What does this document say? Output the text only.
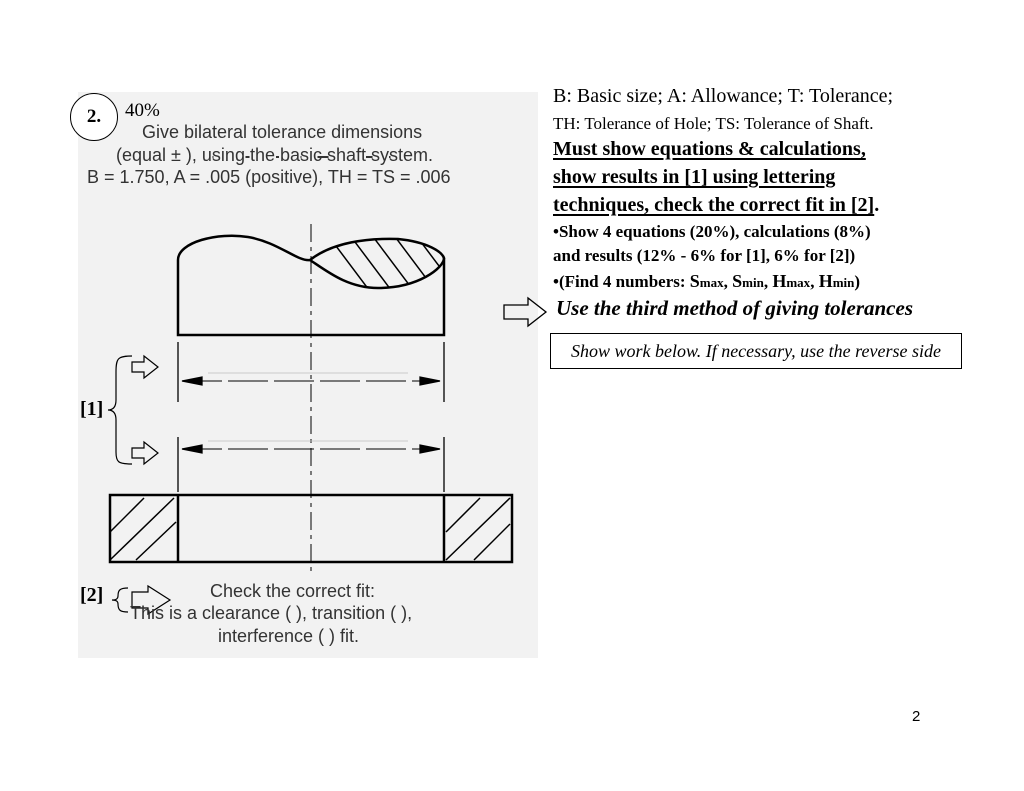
2.	40%
Give bilateral tolerance dimensions
(equal ± ), using the basic shaft system.
B = 1.750, A = .005 (positive), TH = TS = .006
[1]
[2]	Check the correct fit:
This is a clearance ( ), transition ( ),
interference ( ) fit.
B: Basic size; A: Allowance; T: Tolerance;
TH: Tolerance of Hole; TS: Tolerance of Shaft.
Must show equations & calculations,
show results in [1] using lettering
techniques, check the correct fit in [2].
•Show 4 equations (20%), calculations (8%)
and results (12% - 6% for [1], 6% for [2])
•(Find 4 numbers: Smax, Smin, Hmax, Hmin)
Use the third method of giving tolerances
Show work below. If necessary, use the reverse side
2
